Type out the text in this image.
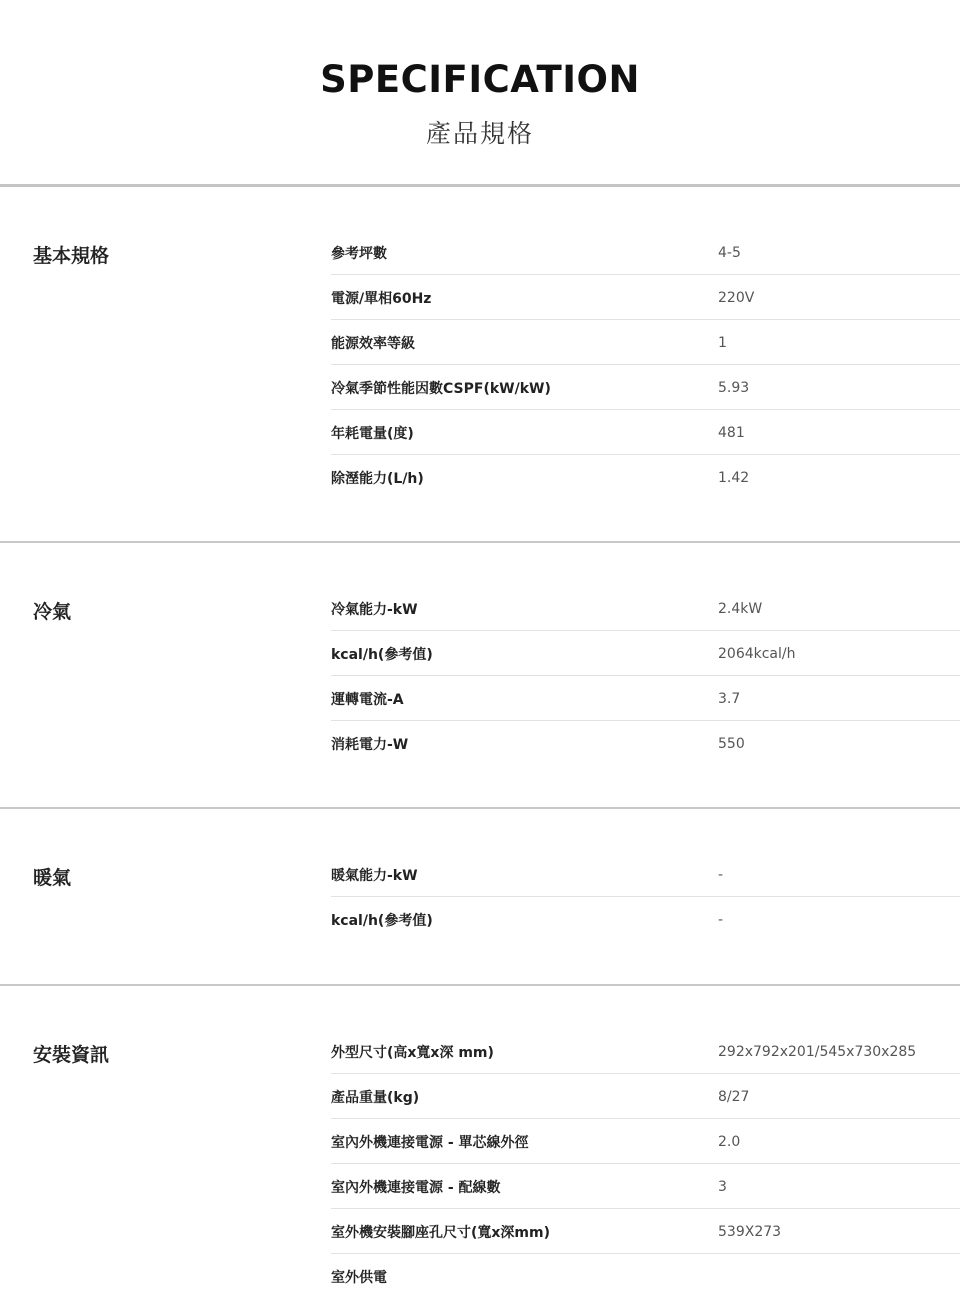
SPECIFICATION
產品規格
基本規格	參考坪數	4-5
電源/單相60Hz	220V
能源效率等級	1
冷氣季節性能因數CSPF(kW/kW)	5.93
年耗電量(度)	481
除溼能力(L/h)	1.42
冷氣	冷氣能力-kW	2.4kW
kcal/h(參考值)	2064kcal/h
運轉電流-A	3.7
消耗電力-W	550
暖氣	暖氣能力-kW	-
kcal/h(參考值)	-
安裝資訊	外型尺寸(高x寬x深 mm)	292x792x201/545x730x285
產品重量(kg)	8/27
室內外機連接電源 - 單芯線外徑	2.0
室內外機連接電源 - 配線數	3
室外機安裝腳座孔尺寸(寬x深mm)	539X273
室外供電
